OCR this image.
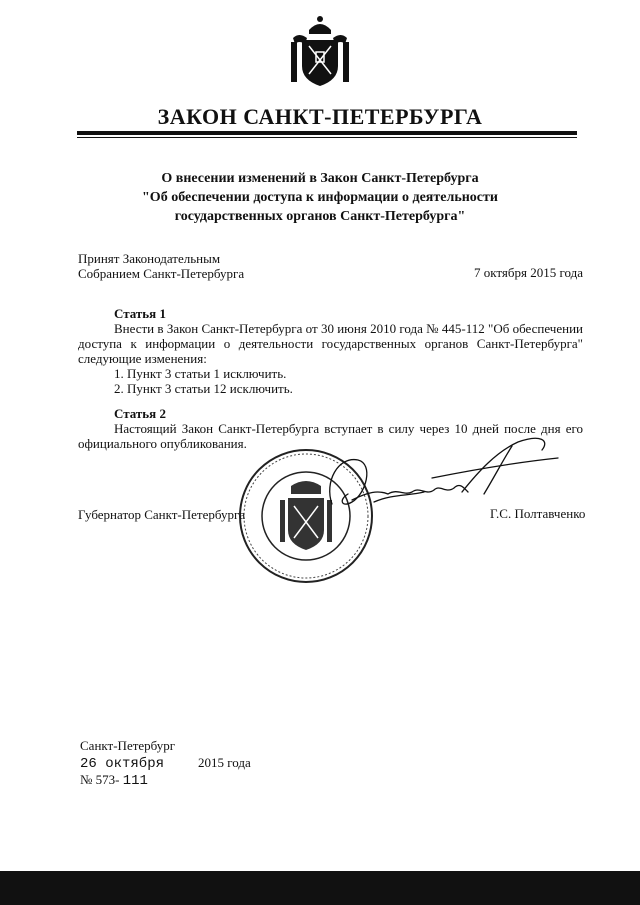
ЗАКОН САНКТ-ПЕТЕРБУРГА
О внесении изменений в Закон Санкт-Петербурга
"Об обеспечении доступа к информации о деятельности
государственных органов Санкт-Петербурга"
Принят Законодательным
Собранием Санкт-Петербурга	7 октября 2015 года
Статья 1
Внести в Закон Санкт-Петербурга от 30 июня 2010 года № 445-112 "Об обеспечении доступа к информации о деятельности государственных органов Санкт-Петербурга" следующие изменения:
1. Пункт 3 статьи 1 исключить.
2. Пункт 3 статьи 12 исключить.
Статья 2
Настоящий Закон Санкт-Петербурга вступает в силу через 10 дней после дня его официального опубликования.
Губернатор Санкт-Петербурга	Г.С. Полтавченко
Санкт-Петербург
26 октября	2015 года
№ 573- 111
